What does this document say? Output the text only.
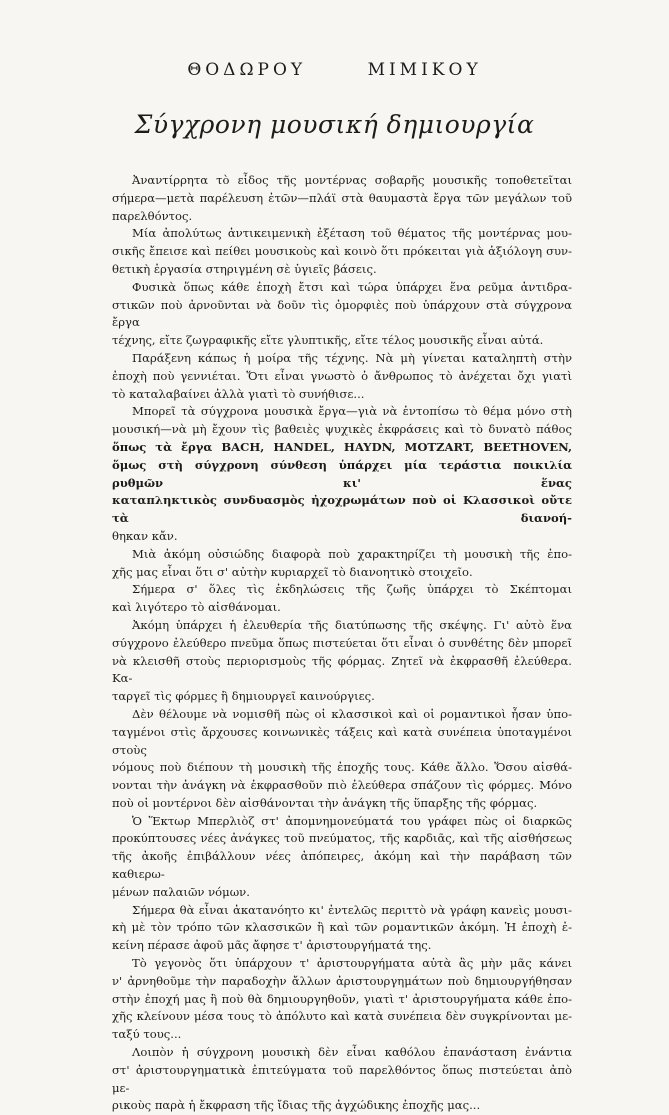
ΘΟΔΩΡΟΥ	ΜΙΜΙΚΟΥ
Σύγχρονη μουσική δημιουργία

Ἀναντίρρητα τὸ εἶδος τῆς μοντέρνας σοβαρῆς μουσικῆς τοποθετεῖται
σήμερα—μετὰ παρέλευση ἐτῶν—πλάϊ στὰ θαυμαστὰ ἔργα τῶν μεγάλων τοῦ
παρελθόντος.

Μία ἀπολύτως ἀντικειμενικὴ ἐξέταση τοῦ θέματος τῆς μοντέρνας μου-
σικῆς ἔπεισε καὶ πείθει μουσικοὺς καὶ κοινὸ ὅτι πρόκειται γιὰ ἀξιόλογη συν-
θετικὴ ἐργασία στηριγμένη σὲ ὑγιεῖς βάσεις.

Φυσικὰ ὅπως κάθε ἐποχὴ ἔτσι καὶ τώρα ὑπάρχει ἕνα ρεῦμα ἀντιδρα-
στικῶν ποὺ ἀρνοῦνται νὰ δοῦν τὶς ὀμορφιὲς ποὺ ὑπάρχουν στὰ σύγχρονα ἔργα
τέχνης, εἴτε ζωγραφικῆς εἴτε γλυπτικῆς, εἴτε τέλος μουσικῆς εἶναι αὐτά.

Παράξενη κάπως ἡ μοίρα τῆς τέχνης. Νὰ μὴ γίνεται καταληπτὴ στὴν
ἐποχὴ ποὺ γεννιέται. Ὅτι εἶναι γνωστὸ ὁ ἄνθρωπος τὸ ἀνέχεται ὄχι γιατὶ
τὸ καταλαβαίνει ἀλλὰ γιατὶ τὸ συνήθισε...

Μπορεῖ τὰ σύγχρονα μουσικὰ ἔργα—γιὰ νὰ ἐντοπίσω τὸ θέμα μόνο στὴ
μουσική—νὰ μὴ ἔχουν τὶς βαθειὲς ψυχικὲς ἐκφράσεις καὶ τὸ δυνατὸ πάθος
ὅπως τὰ ἔργα BACH, HANDEL, HAYDN, MOTZART, BEETHOVEN,
ὅμως στὴ σύγχρονη σύνθεση ὑπάρχει μία τεράστια ποικιλία ρυθμῶν κι' ἕνας
καταπληκτικὸς συνδυασμὸς ἠχοχρωμάτων ποὺ οἱ Κλασσικοὶ οὔτε τὰ διανοή-
θηκαν κἄν.

Μιὰ ἀκόμη οὐσιώδης διαφορὰ ποὺ χαρακτηρίζει τὴ μουσικὴ τῆς ἐπο-
χῆς μας εἶναι ὅτι σ' αὐτὴν κυριαρχεῖ τὸ διανοητικὸ στοιχεῖο.

Σήμερα σ' ὅλες τὶς ἐκδηλώσεις τῆς ζωῆς ὑπάρχει τὸ Σκέπτομαι
καὶ λιγότερο τὸ αἰσθάνομαι.

Ἀκόμη ὑπάρχει ἡ ἐλευθερία τῆς διατύπωσης τῆς σκέψης. Γι' αὐτὸ ἕνα
σύγχρονο ἐλεύθερο πνεῦμα ὅπως πιστεύεται ὅτι εἶναι ὁ συνθέτης δὲν μπορεῖ
νὰ κλεισθῆ στοὺς περιορισμοὺς τῆς φόρμας. Ζητεῖ νὰ ἐκφρασθῆ ἐλεύθερα. Κα-
ταργεῖ τὶς φόρμες ἢ δημιουργεῖ καινούργιες.

Δὲν θέλουμε νὰ νομισθῆ πὼς οἱ κλασσικοὶ καὶ οἱ ρομαντικοὶ ἦσαν ὑπο-
ταγμένοι στὶς ἄρχουσες κοινωνικὲς τάξεις καὶ κατὰ συνέπεια ὑποταγμένοι στοὺς
νόμους ποὺ διέπουν τὴ μουσικὴ τῆς ἐποχῆς τους. Κάθε ἄλλο. Ὅσου αἰσθά-
νονται τὴν ἀνάγκη νὰ ἐκφρασθοῦν πιὸ ἐλεύθερα σπάζουν τὶς φόρμες. Μόνο
ποὺ οἱ μοντέρνοι δὲν αἰσθάνονται τὴν ἀνάγκη τῆς ὕπαρξης τῆς φόρμας.

Ὁ Ἕκτωρ Μπερλιὸζ στ' ἀπομνημονεύματά του γράφει πὼς οἱ διαρκῶς
προκύπτουσες νέες ἀνάγκες τοῦ πνεύματος, τῆς καρδιᾶς, καὶ τῆς αἰσθήσεως
τῆς ἀκοῆς ἐπιβάλλουν νέες ἀπόπειρες, ἀκόμη καὶ τὴν παράβαση τῶν καθιερω-
μένων παλαιῶν νόμων.

Σήμερα θὰ εἶναι ἀκατανόητο κι' ἐντελῶς περιττὸ νὰ γράφη κανεὶς μουσι-
κὴ μὲ τὸν τρόπο τῶν κλασσικῶν ἢ καὶ τῶν ρομαντικῶν ἀκόμη. Ἡ ἐποχὴ ἐ-
κείνη πέρασε ἀφοῦ μᾶς ἄφησε τ' ἀριστουργήματά της.

Τὸ γεγονὸς ὅτι ὑπάρχουν τ' ἀριστουργήματα αὐτὰ ἂς μὴν μᾶς κάνει
ν' ἀρνηθοῦμε τὴν παραδοχὴν ἄλλων ἀριστουργημάτων ποὺ δημιουργήθησαν
στὴν ἐποχή μας ἢ ποὺ θὰ δημιουργηθοῦν, γιατὶ τ' ἀριστουργήματα κάθε ἐπο-
χῆς κλείνουν μέσα τους τὸ ἀπόλυτο καὶ κατὰ συνέπεια δὲν συγκρίνονται με-
ταξύ τους...

Λοιπὸν ἡ σύγχρονη μουσικὴ δὲν εἶναι καθόλου ἐπανάσταση ἐνάντια
στ' ἀριστουργηματικὰ ἐπιτεύγματα τοῦ παρελθόντος ὅπως πιστεύεται ἀπὸ με-
ρικοὺς παρὰ ἡ ἔκφραση τῆς ἴδιας τῆς ἀγχώδικης ἐποχῆς μας...
